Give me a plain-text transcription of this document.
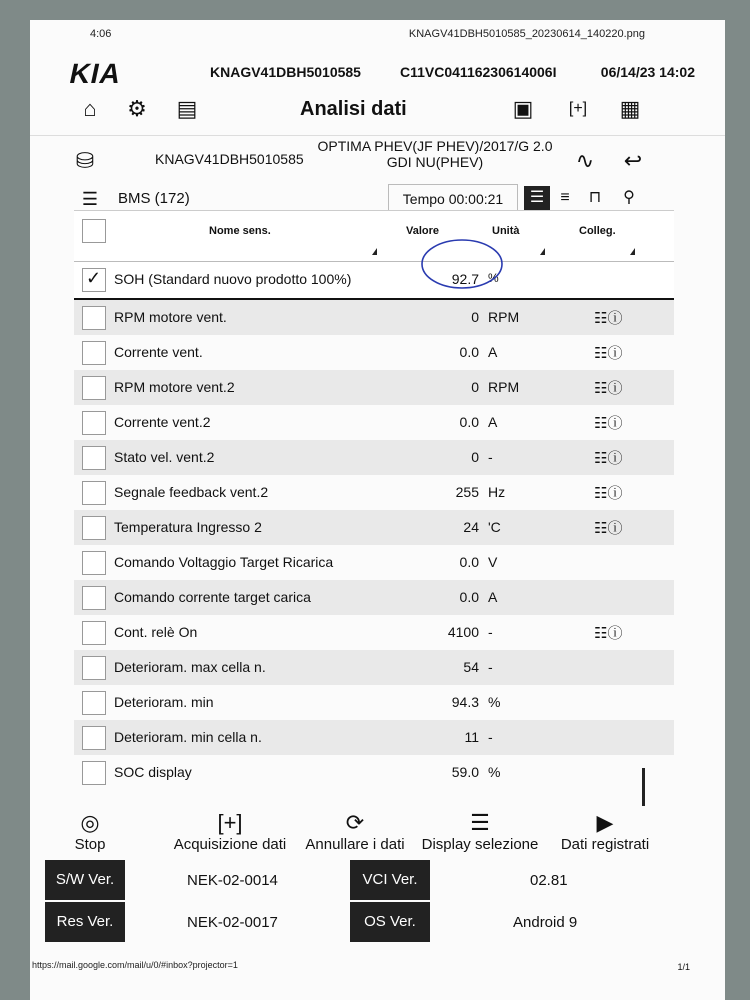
4:06	KNAGV41DBH5010585_20230614_140220.png
KIA	KNAGV41DBH5010585	C11VC04116230614006I	06/14/23 14:02
⌂	⚙ ▤	Analisi dati	▣	[+] ▦
⛁	KNAGV41DBH5010585
OPTIMA PHEV(JF PHEV)/2017/G 2.0 GDI NU(PHEV)	∿ ↩
☰	BMS (172)	Tempo 00:00:21	☰	≡	⊓	⚲
Nome sens.	Valore	Unità	Colleg.
✓
SOH (Standard nuovo prodotto 100%)	92.7 %
RPM motore vent.	0 RPM	☷ⓘ
Corrente vent.	0.0 A	☷ⓘ
RPM motore vent.2	0 RPM	☷ⓘ
Corrente vent.2	0.0 A	☷ⓘ
Stato vel. vent.2	0 -	☷ⓘ
Segnale feedback vent.2	255 Hz	☷ⓘ
Temperatura Ingresso 2	24 'C	☷ⓘ
Comando Voltaggio Target Ricarica	0.0 V
Comando corrente target carica	0.0 A
Cont. relè On	4100 -	☷ⓘ
Deterioram. max cella n.	54 -
Deterioram. min	94.3 %
Deterioram. min cella n.	11 -
SOC display	59.0 %
◎
Stop
[+]
Acquisizione dati
⟳
Annullare i dati
☰
Display selezione
▶
Dati registrati
S/W Ver.	NEK-02-0014	VCI Ver.	02.81
Res Ver.	NEK-02-0017	OS Ver.	Android 9
https://mail.google.com/mail/u/0/#inbox?projector=1	1/1
